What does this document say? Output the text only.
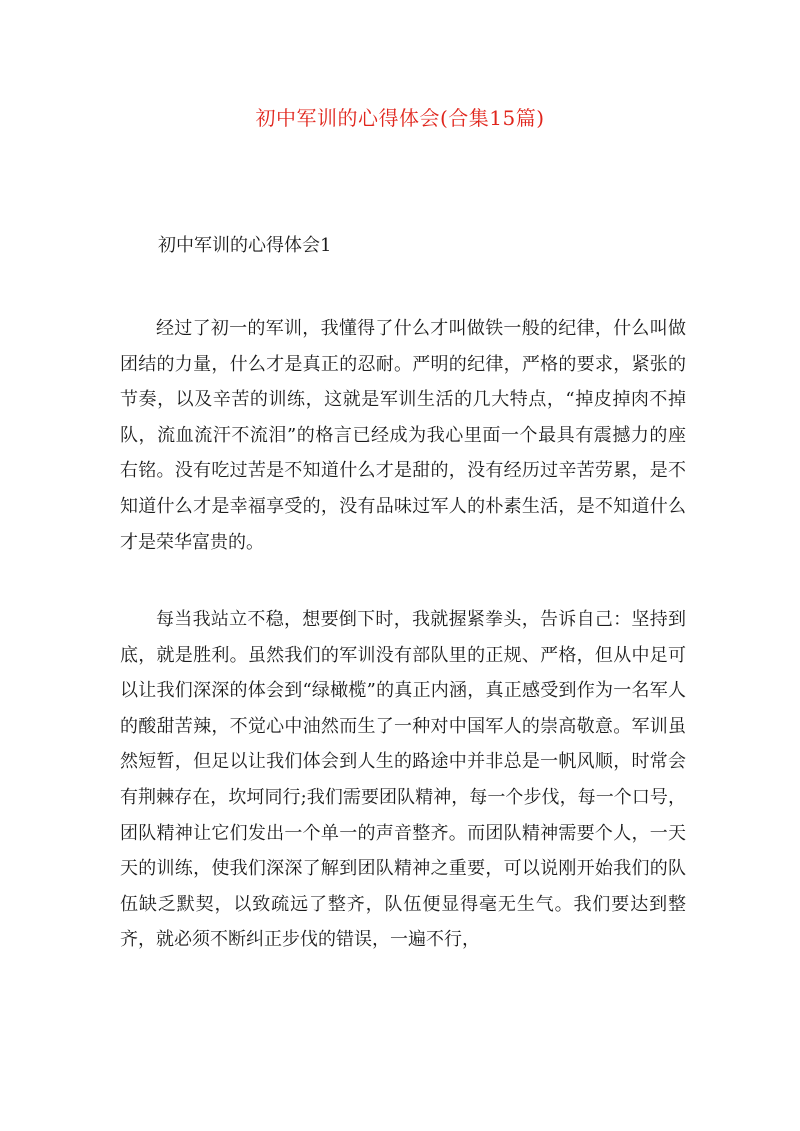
初中军训的心得体会(合集15篇)
初中军训的心得体会1

经过了初一的军训，我懂得了什么才叫做铁一般的纪律，什么叫做团结的力量，什么才是真正的忍耐。严明的纪律，严格的要求，紧张的节奏，以及辛苦的训练，这就是军训生活的几大特点，“掉皮掉肉不掉队，流血流汗不流泪”的格言已经成为我心里面一个最具有震撼力的座右铭。没有吃过苦是不知道什么才是甜的，没有经历过辛苦劳累，是不知道什么才是幸福享受的，没有品味过军人的朴素生活，是不知道什么才是荣华富贵的。

每当我站立不稳，想要倒下时，我就握紧拳头，告诉自己：坚持到底，就是胜利。虽然我们的军训没有部队里的正规、严格，但从中足可以让我们深深的体会到“绿橄榄”的真正内涵，真正感受到作为一名军人的酸甜苦辣，不觉心中油然而生了一种对中国军人的崇高敬意。军训虽然短暂，但足以让我们体会到人生的路途中并非总是一帆风顺，时常会有荆棘存在，坎坷同行;我们需要团队精神，每一个步伐，每一个口号，团队精神让它们发出一个单一的声音整齐。而团队精神需要个人，一天天的训练，使我们深深了解到团队精神之重要，可以说刚开始我们的队伍缺乏默契，以致疏远了整齐，队伍便显得毫无生气。我们要达到整齐，就必须不断纠正步伐的错误，一遍不行，
